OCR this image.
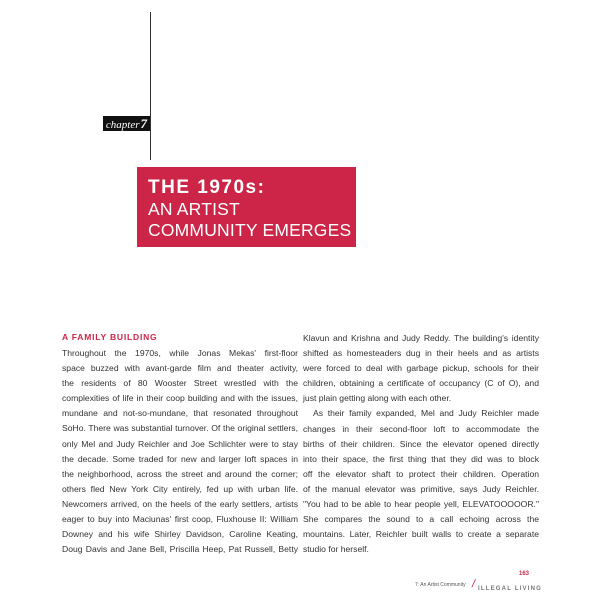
chapter7
THE 1970s:
AN ARTIST
COMMUNITY EMERGES
A FAMILY BUILDING
Throughout the 1970s, while Jonas Mekas' first-floor
space buzzed with avant-garde film and theater activity,
the residents of 80 Wooster Street wrestled with the
complexities of life in their coop building and with the issues,
mundane and not-so-mundane, that resonated throughout
SoHo. There was substantial turnover. Of the original settlers,
only Mel and Judy Reichler and Joe Schlichter were to stay
the decade. Some traded for new and larger loft spaces in
the neighborhood, across the street and around the corner;
others fled New York City entirely, fed up with urban life.
Newcomers arrived, on the heels of the early settlers, artists
eager to buy into Maciunas' first coop, Fluxhouse II: William
Downey and his wife Shirley Davidson, Caroline Keating,
Doug Davis and Jane Bell, Priscilla Heep, Pat Russell, Betty
Klavun and Krishna and Judy Reddy. The building's identity
shifted as homesteaders dug in their heels and as artists
were forced to deal with garbage pickup, schools for their
children, obtaining a certificate of occupancy (C of O), and
just plain getting along with each other.
As their family expanded, Mel and Judy Reichler made
changes in their second-floor loft to accommodate the
births of their children. Since the elevator opened directly
into their space, the first thing that they did was to block
off the elevator shaft to protect their children. Operation
of the manual elevator was primitive, says Judy Reichler.
"You had to be able to hear people yell, ELEVATOOOOOR."
She compares the sound to a call echoing across the
mountains. Later, Reichler built walls to create a separate
studio for herself.
163
7: An Artist Community / ILLEGAL LIVING
